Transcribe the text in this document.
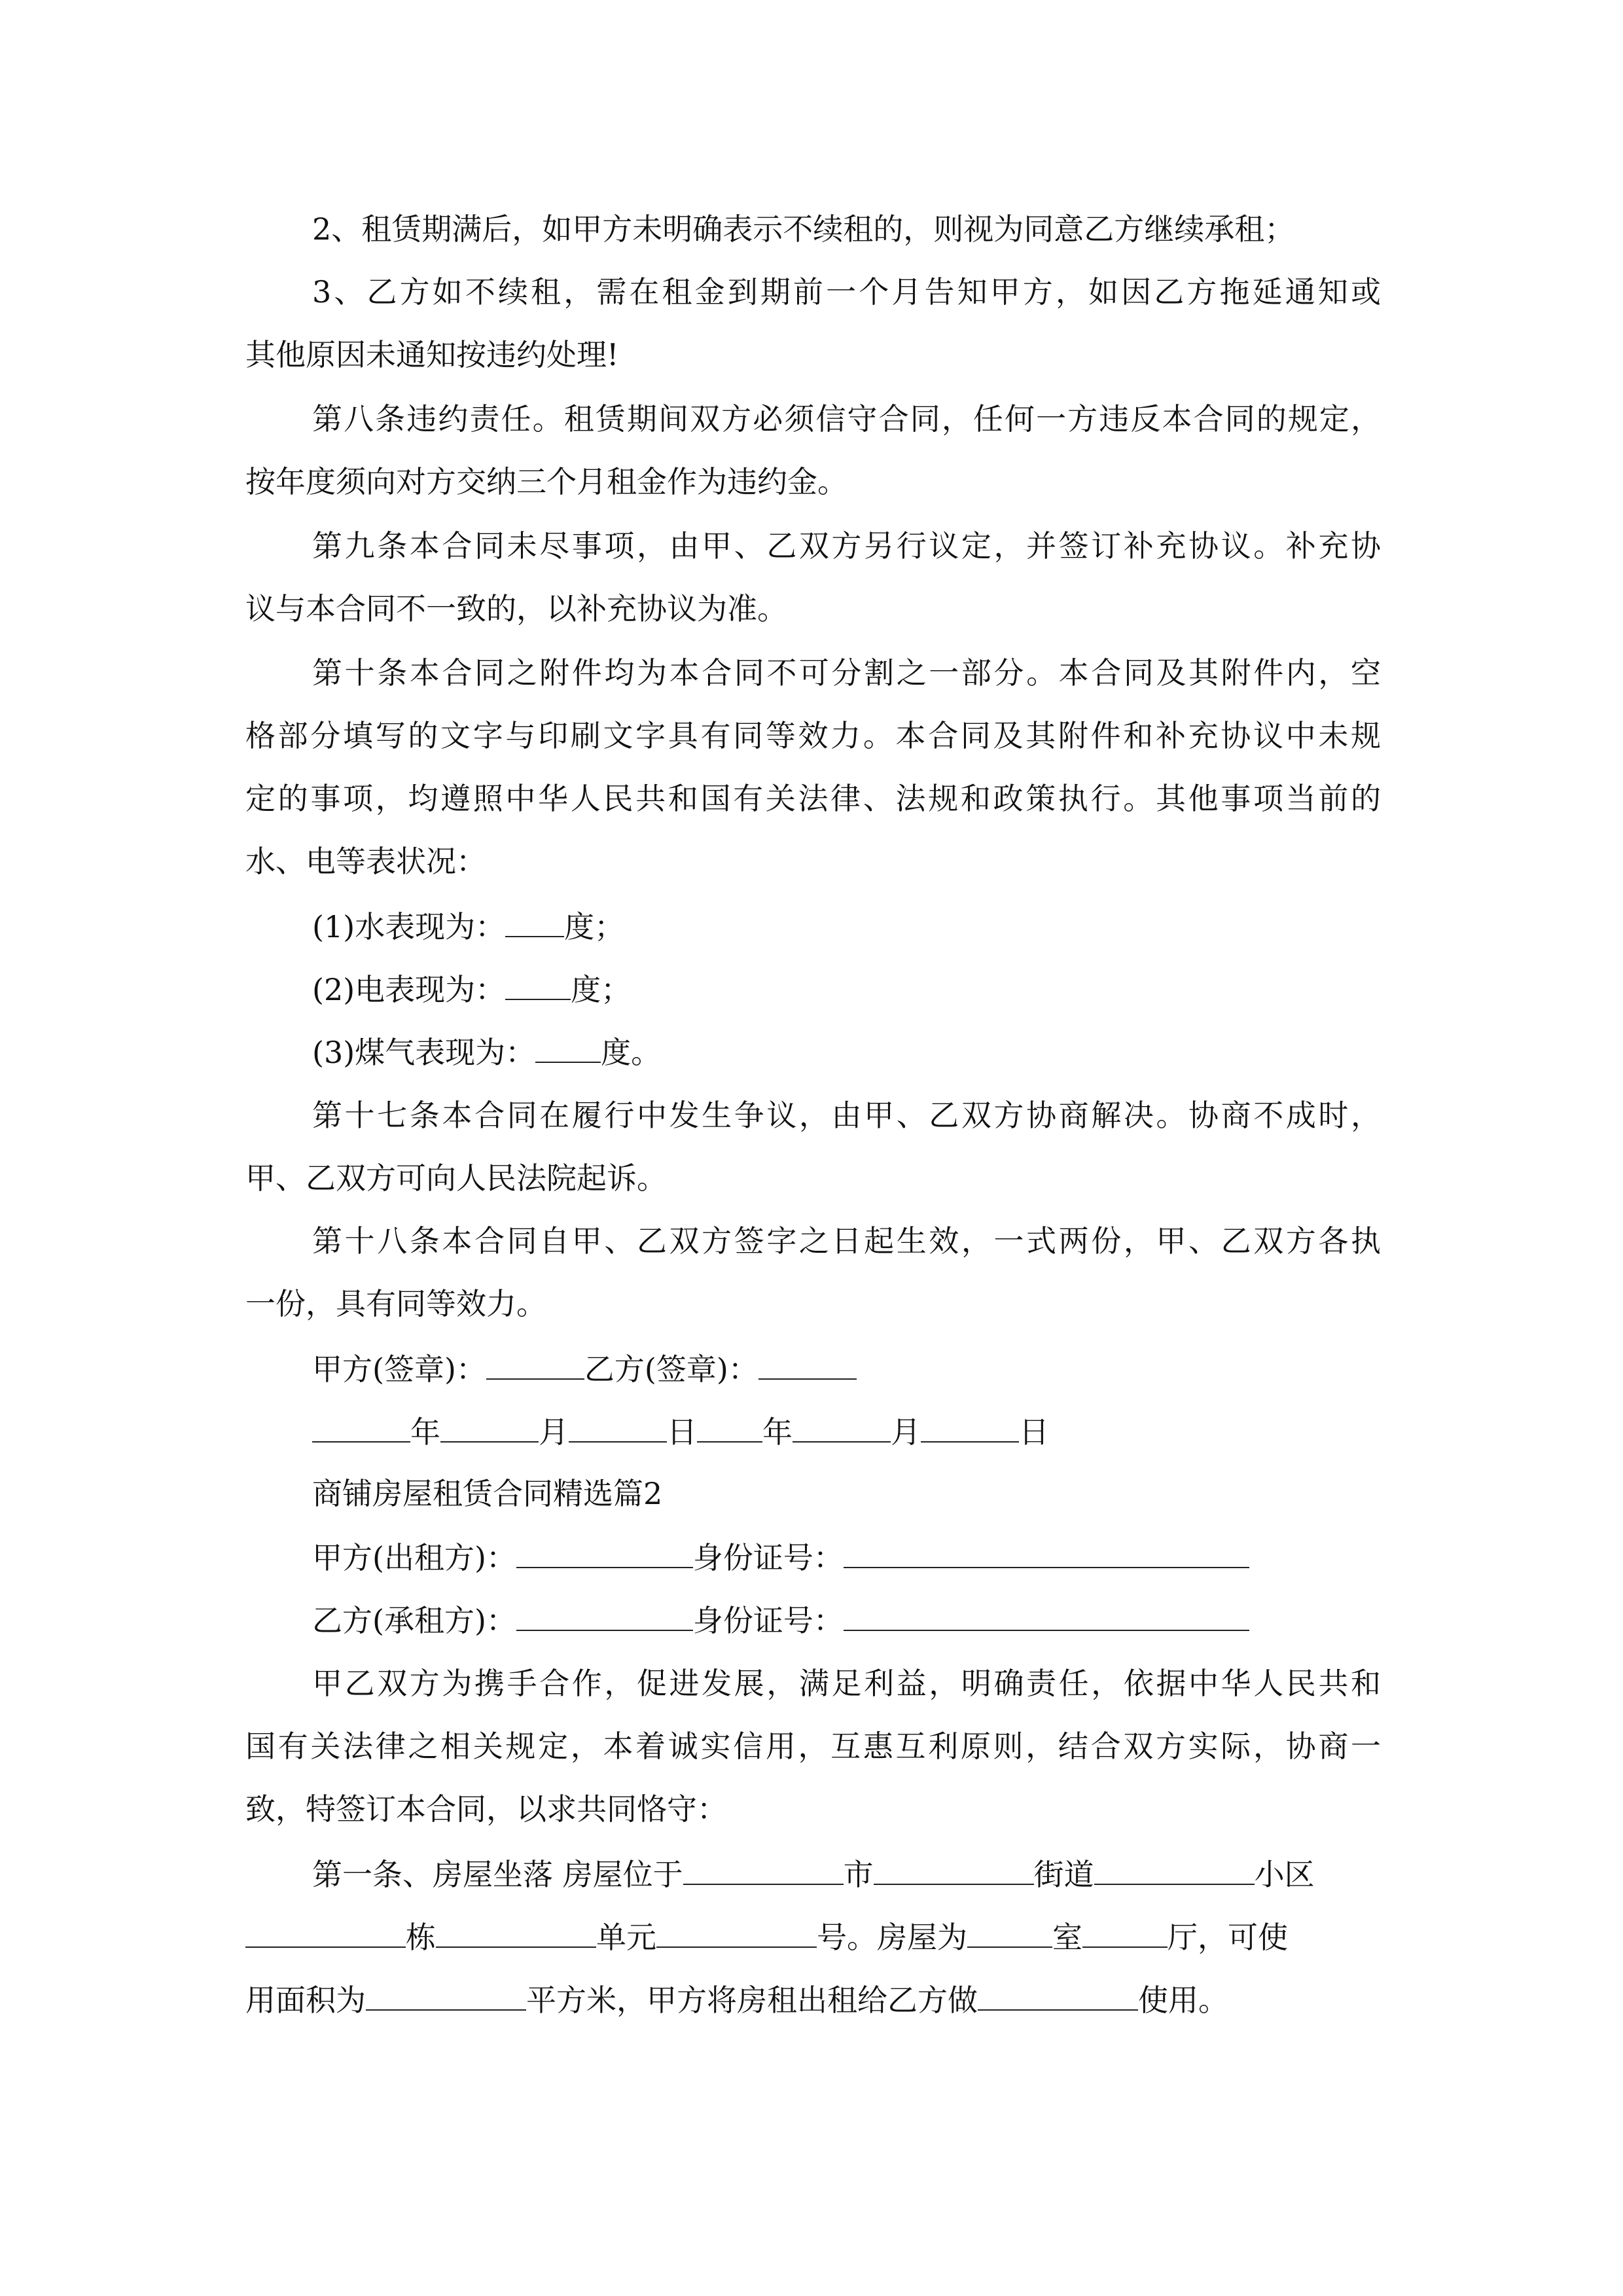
2、租赁期满后，如甲方未明确表示不续租的，则视为同意乙方继续承租；
3、乙方如不续租，需在租金到期前一个月告知甲方，如因乙方拖延通知或
其他原因未通知按违约处理!
第八条违约责任。租赁期间双方必须信守合同，任何一方违反本合同的规定，
按年度须向对方交纳三个月租金作为违约金。
第九条本合同未尽事项，由甲、乙双方另行议定，并签订补充协议。补充协
议与本合同不一致的，以补充协议为准。
第十条本合同之附件均为本合同不可分割之一部分。本合同及其附件内，空
格部分填写的文字与印刷文字具有同等效力。本合同及其附件和补充协议中未规
定的事项，均遵照中华人民共和国有关法律、法规和政策执行。其他事项当前的
水、电等表状况：
(1)水表现为： 度；
(2)电表现为： 度；
(3)煤气表现为： 度。
第十七条本合同在履行中发生争议，由甲、乙双方协商解决。协商不成时，
甲、乙双方可向人民法院起诉。
第十八条本合同自甲、乙双方签字之日起生效，一式两份，甲、乙双方各执
一份，具有同等效力。
甲方(签章)：	乙方(签章)：
年	月	日 年	月	日
商铺房屋租赁合同精选篇2
甲方(出租方)：	身份证号：
乙方(承租方)：	身份证号：
甲乙双方为携手合作，促进发展，满足利益，明确责任，依据中华人民共和
国有关法律之相关规定，本着诚实信用，互惠互利原则，结合双方实际，协商一
致，特签订本合同，以求共同恪守：
第一条、房屋坐落 房屋位于	市	街道	小区
栋	单元	号。房屋为	室	厅，可使
用面积为	平方米，甲方将房租出租给乙方做	使用。
